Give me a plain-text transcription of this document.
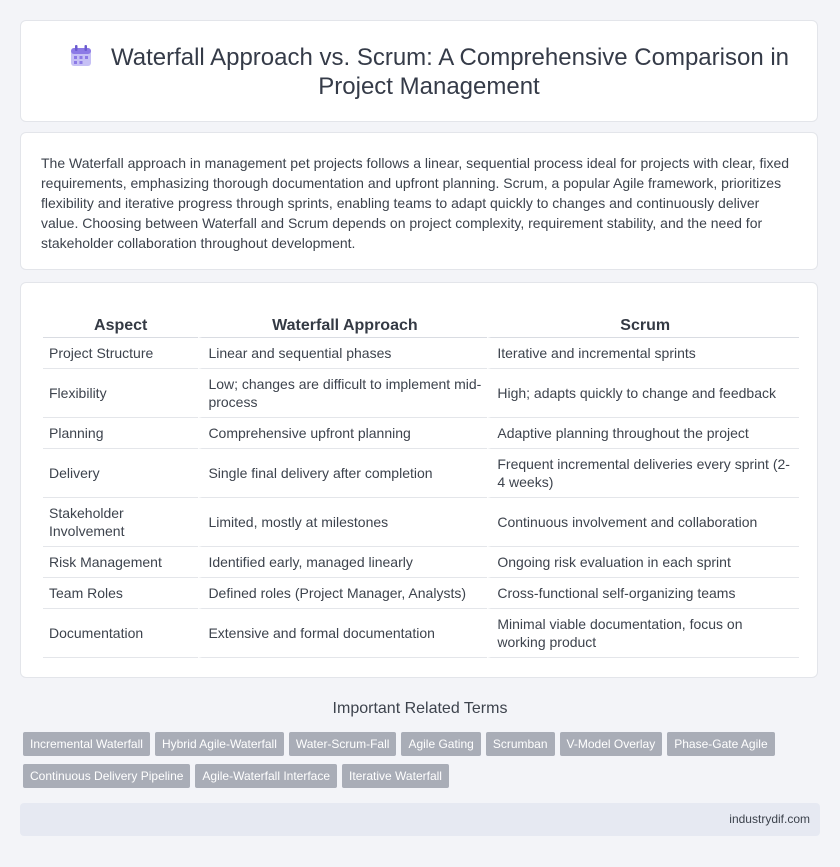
Waterfall Approach vs. Scrum: A Comprehensive Comparison in Project Management

The Waterfall approach in management pet projects follows a linear, sequential process ideal for projects with clear, fixed requirements, emphasizing thorough documentation and upfront planning. Scrum, a popular Agile framework, prioritizes flexibility and iterative progress through sprints, enabling teams to adapt quickly to changes and continuously deliver value. Choosing between Waterfall and Scrum depends on project complexity, requirement stability, and the need for stakeholder collaboration throughout development.

Aspect	Waterfall Approach	Scrum
Project Structure	Linear and sequential phases	Iterative and incremental sprints
Flexibility	Low; changes are difficult to implement mid-process	High; adapts quickly to change and feedback
Planning	Comprehensive upfront planning	Adaptive planning throughout the project
Delivery	Single final delivery after completion	Frequent incremental deliveries every sprint (2-4 weeks)
Stakeholder Involvement	Limited, mostly at milestones	Continuous involvement and collaboration
Risk Management	Identified early, managed linearly	Ongoing risk evaluation in each sprint
Team Roles	Defined roles (Project Manager, Analysts)	Cross-functional self-organizing teams
Documentation	Extensive and formal documentation	Minimal viable documentation, focus on working product
Important Related Terms
Incremental Waterfall Hybrid Agile-Waterfall Water-Scrum-Fall Agile Gating Scrumban V-Model Overlay Phase-Gate Agile
Continuous Delivery Pipeline Agile-Waterfall Interface Iterative Waterfall
industrydif.com
